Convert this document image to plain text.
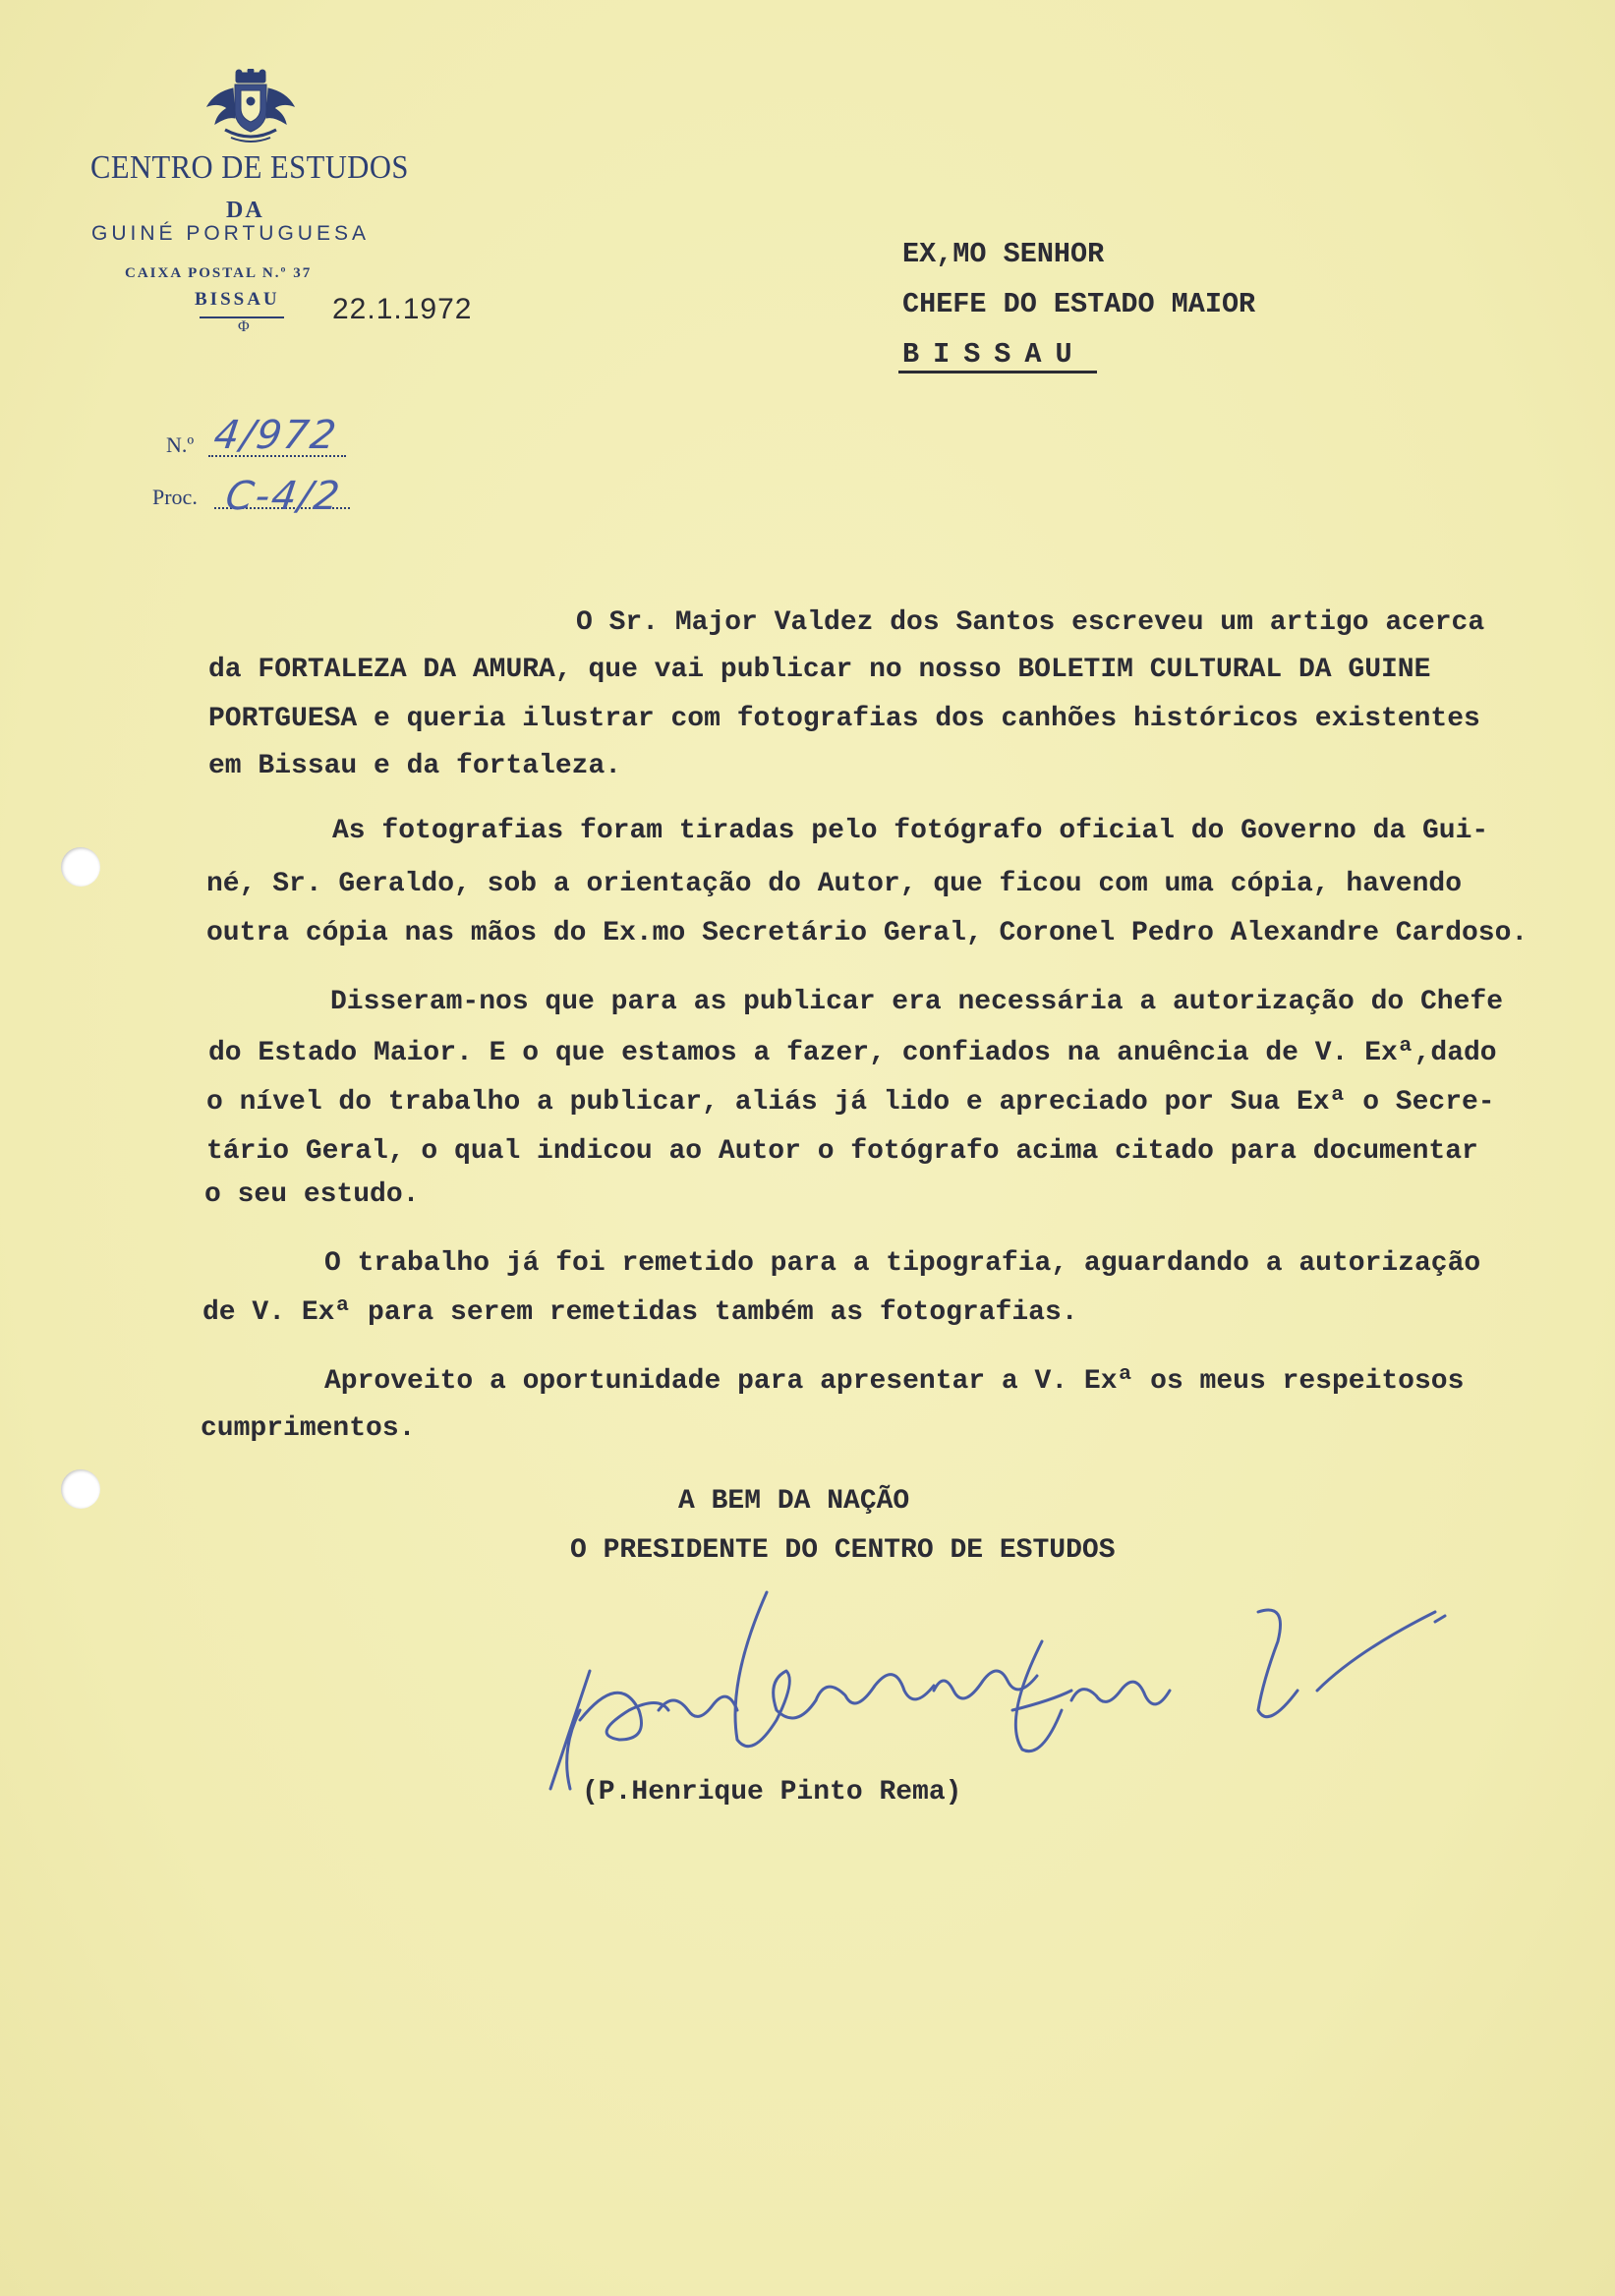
CENTRO DE ESTUDOS
DA
GUINÉ PORTUGUESA
CAIXA POSTAL N.º 37
BISSAU
Φ
22.1.1972
EX,MO SENHOR
CHEFE DO ESTADO MAIOR
BISSAU
N.º 4/972
Proc. C-4/2
O Sr. Major Valdez dos Santos escreveu um artigo acerca
da FORTALEZA DA AMURA, que vai publicar no nosso BOLETIM CULTURAL DA GUINE
PORTGUESA e queria ilustrar com fotografias dos canhões históricos existentes
em Bissau e da fortaleza.
As fotografias foram tiradas pelo fotógrafo oficial do Governo da Gui-
né, Sr. Geraldo, sob a orientação do Autor, que ficou com uma cópia, havendo
outra cópia nas mãos do Ex.mo Secretário Geral, Coronel Pedro Alexandre Cardoso.
Disseram-nos que para as publicar era necessária a autorização do Chefe
do Estado Maior. E o que estamos a fazer, confiados na anuência de V. Exª,dado
o nível do trabalho a publicar, aliás já lido e apreciado por Sua Exª o Secre-
tário Geral, o qual indicou ao Autor o fotógrafo acima citado para documentar
o seu estudo.
O trabalho já foi remetido para a tipografia, aguardando a autorização
de V. Exª para serem remetidas também as fotografias.
Aproveito a oportunidade para apresentar a V. Exª os meus respeitosos
cumprimentos.
A BEM DA NAÇÃO
O PRESIDENTE DO CENTRO DE ESTUDOS
(P.Henrique Pinto Rema)
